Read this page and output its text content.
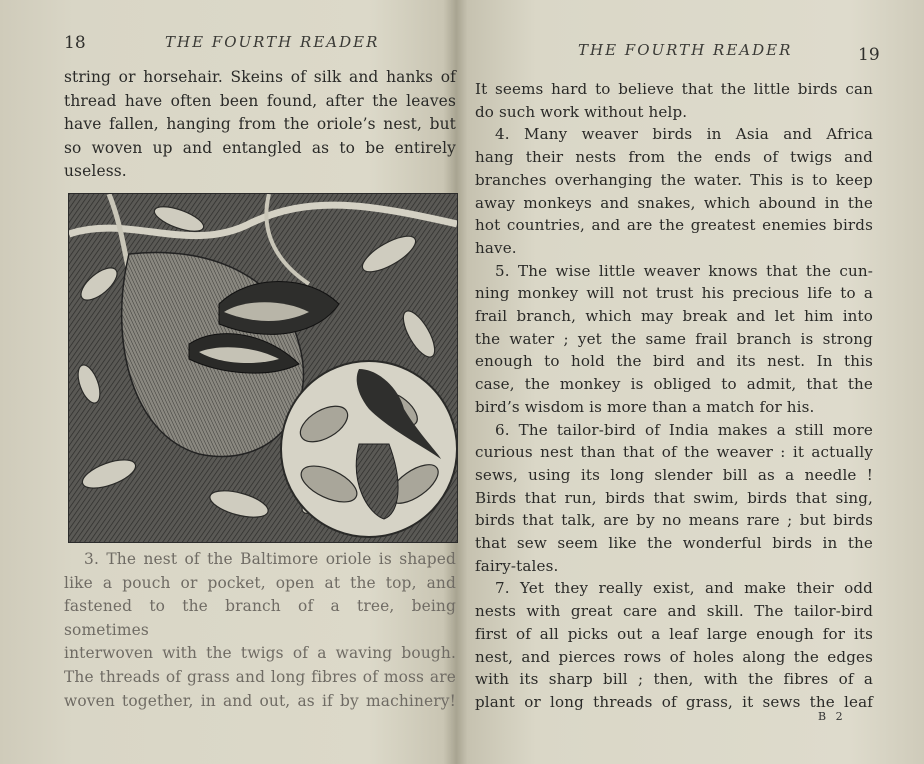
18	THE FOURTH READER

string or horsehair. Skeins of silk and hanks of

thread have often been found, after the leaves

have fallen, hanging from the oriole’s nest, but

so woven up and entangled as to be entirely

useless.

3. The nest of the Baltimore oriole is shaped

like a pouch or pocket, open at the top, and

fastened to the branch of a tree, being sometimes

interwoven with the twigs of a waving bough.

The threads of grass and long fibres of moss are

woven together, in and out, as if by machinery!

THE FOURTH READER	19

It seems hard to believe that the little birds can

do such work without help.

4. Many weaver birds in Asia and Africa

hang their nests from the ends of twigs and

branches overhanging the water. This is to keep

away monkeys and snakes, which abound in the

hot countries, and are the greatest enemies birds

have.

5. The wise little weaver knows that the cun-

ning monkey will not trust his precious life to a

frail branch, which may break and let him into

the water ; yet the same frail branch is strong

enough to hold the bird and its nest. In this

case, the monkey is obliged to admit, that the

bird’s wisdom is more than a match for his.

6. The tailor-bird of India makes a still more

curious nest than that of the weaver : it actually

sews, using its long slender bill as a needle !

Birds that run, birds that swim, birds that sing,

birds that talk, are by no means rare ; but birds

that sew seem like the wonderful birds in the

fairy-tales.

7. Yet they really exist, and make their odd

nests with great care and skill. The tailor-bird

first of all picks out a leaf large enough for its

nest, and pierces rows of holes along the edges

with its sharp bill ; then, with the fibres of a

plant or long threads of grass, it sews the leaf

B 2
